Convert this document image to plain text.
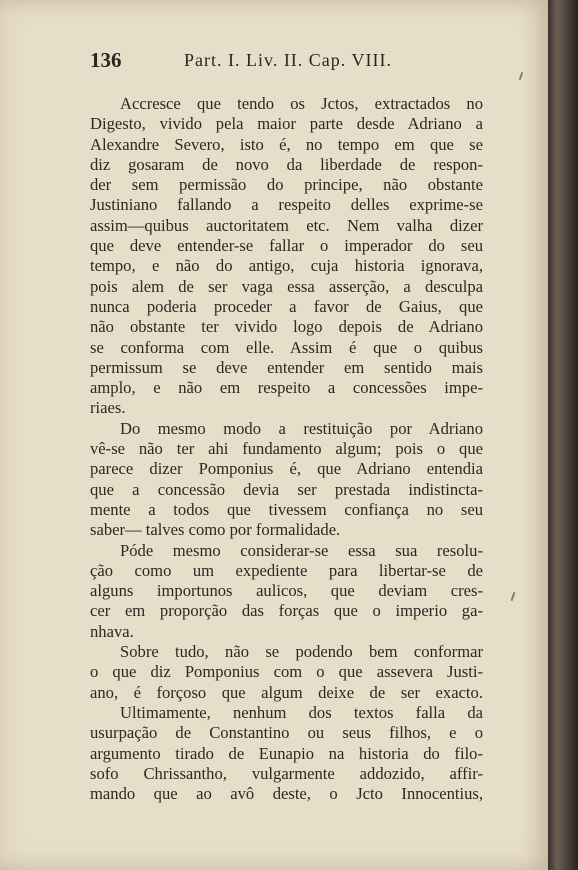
136	Part. I. Liv. II. Cap. VIII.
Accresce que tendo os Jctos, extractados no
Digesto, vivido pela maior parte desde Adriano a
Alexandre Severo, isto é, no tempo em que se
diz gosaram de novo da liberdade de respon-
der sem permissão do principe, não obstante
Justiniano fallando a respeito delles exprime-se
assim—quibus auctoritatem etc. Nem valha dizer
que deve entender-se fallar o imperador do seu
tempo, e não do antigo, cuja historia ignorava,
pois alem de ser vaga essa asserção, a desculpa
nunca poderia proceder a favor de Gaius, que
não obstante ter vivido logo depois de Adriano
se conforma com elle. Assim é que o quibus
permissum se deve entender em sentido mais
amplo, e não em respeito a concessões impe-
riaes.
Do mesmo modo a restituição por Adriano
vê-se não ter ahi fundamento algum; pois o que
parece dizer Pomponius é, que Adriano entendia
que a concessão devia ser prestada indistincta-
mente a todos que tivessem confiança no seu
saber— talves como por formalidade.
Póde mesmo considerar-se essa sua resolu-
ção como um expediente para libertar-se de
alguns importunos aulicos, que deviam cres-
cer em proporção das forças que o imperio ga-
nhava.
Sobre tudo, não se podendo bem conformar
o que diz Pomponius com o que assevera Justi-
ano, é forçoso que algum deixe de ser exacto.
Ultimamente, nenhum dos textos falla da
usurpação de Constantino ou seus filhos, e o
argumento tirado de Eunapio na historia do filo-
sofo Chrissantho, vulgarmente addozido, affir-
mando que ao avô deste, o Jcto Innocentius,
